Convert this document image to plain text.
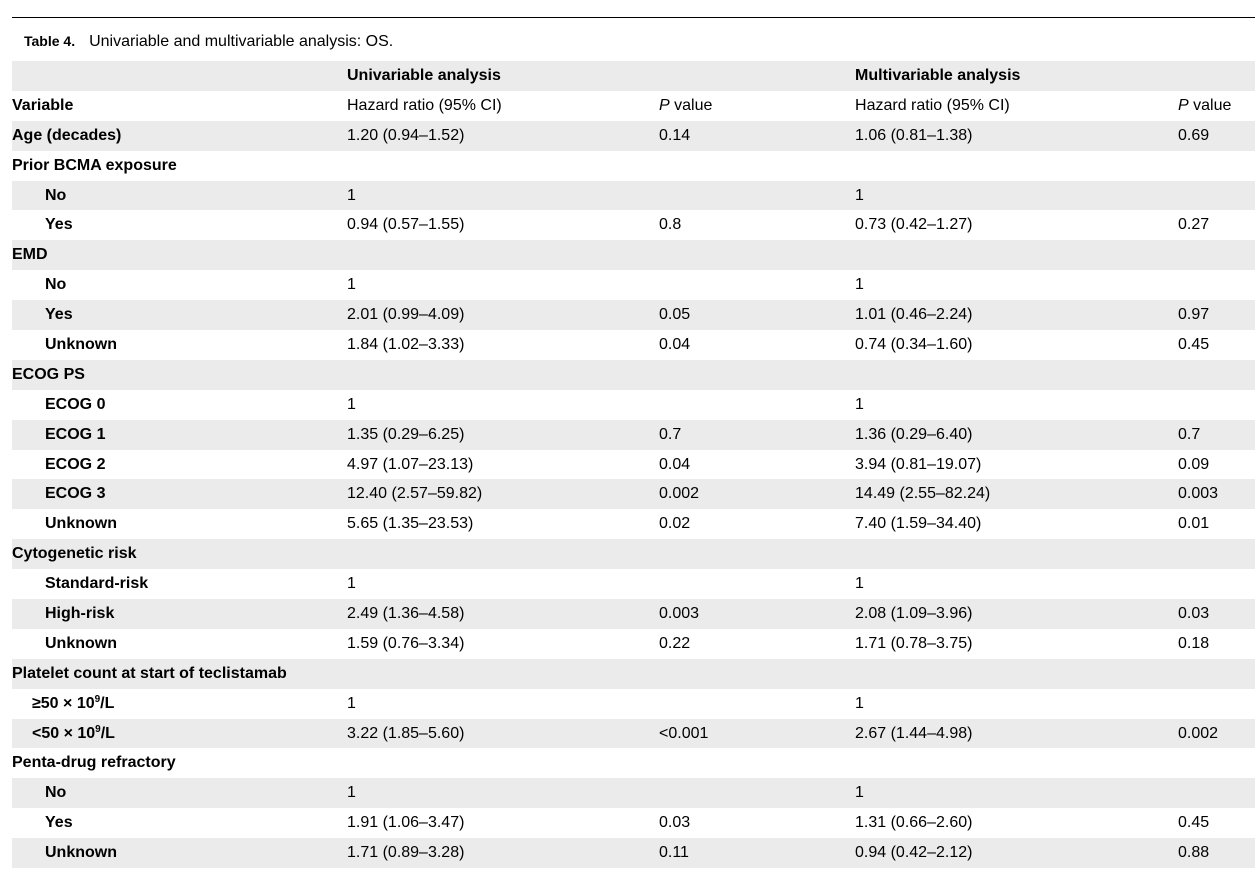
Table 4. Univariable and multivariable analysis: OS.
	Univariable analysis		Multivariable analysis	
Variable	Hazard ratio (95% CI)	P value	Hazard ratio (95% CI)	P value
Age (decades)	1.20 (0.94–1.52)	0.14	1.06 (0.81–1.38)	0.69
Prior BCMA exposure				
No	1		1	
Yes	0.94 (0.57–1.55)	0.8	0.73 (0.42–1.27)	0.27
EMD				
No	1		1	
Yes	2.01 (0.99–4.09)	0.05	1.01 (0.46–2.24)	0.97
Unknown	1.84 (1.02–3.33)	0.04	0.74 (0.34–1.60)	0.45
ECOG PS				
ECOG 0	1		1	
ECOG 1	1.35 (0.29–6.25)	0.7	1.36 (0.29–6.40)	0.7
ECOG 2	4.97 (1.07–23.13)	0.04	3.94 (0.81–19.07)	0.09
ECOG 3	12.40 (2.57–59.82)	0.002	14.49 (2.55–82.24)	0.003
Unknown	5.65 (1.35–23.53)	0.02	7.40 (1.59–34.40)	0.01
Cytogenetic risk				
Standard-risk	1		1	
High-risk	2.49 (1.36–4.58)	0.003	2.08 (1.09–3.96)	0.03
Unknown	1.59 (0.76–3.34)	0.22	1.71 (0.78–3.75)	0.18
Platelet count at start of teclistamab				
$\ge 50 \times 10^9/L$	1		1	
$<50 \times 10^9/L$	3.22 (1.85–5.60)	<0.001	2.67 (1.44–4.98)	0.002
Penta-drug refractory				
No	1		1	
Yes	1.91 (1.06–3.47)	0.03	1.31 (0.66–2.60)	0.45
Unknown	1.71 (0.89–3.28)	0.11	0.94 (0.42–2.12)	0.88
